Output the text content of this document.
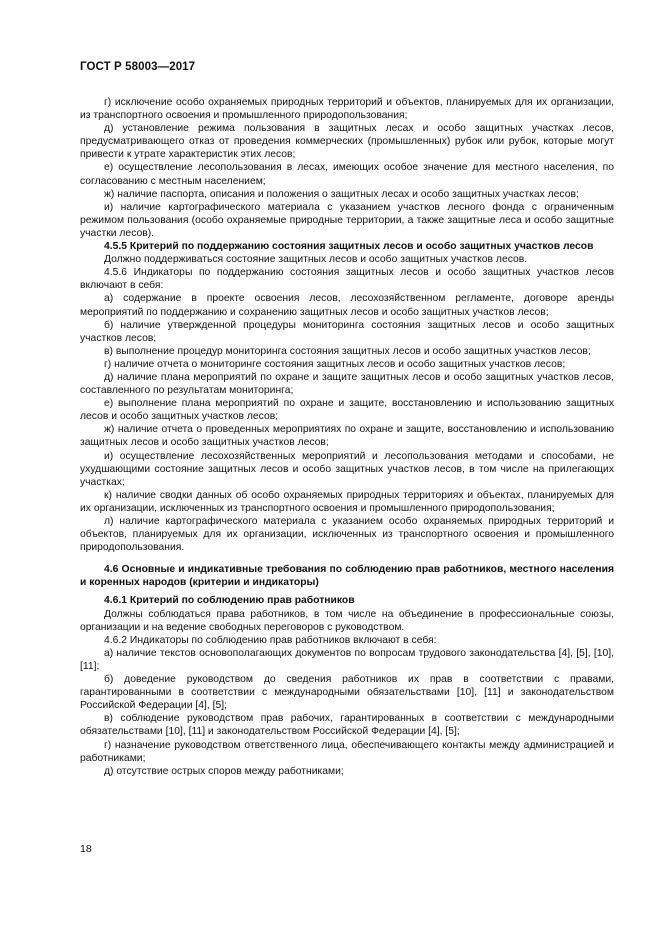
ГОСТ Р 58003—2017

г) исключение особо охраняемых природных территорий и объектов, планируемых для их организации, из транспортного освоения и промышленного природопользования;

д) установление режима пользования в защитных лесах и особо защитных участках лесов, предусматривающего отказ от проведения коммерческих (промышленных) рубок или рубок, которые могут привести к утрате характеристик этих лесов;

е) осуществление лесопользования в лесах, имеющих особое значение для местного населения, по согласованию с местным населением;

ж) наличие паспорта, описания и положения о защитных лесах и особо защитных участках лесов;

и) наличие картографического материала с указанием участков лесного фонда с ограниченным режимом пользования (особо охраняемые природные территории, а также защитные леса и особо защитные участки лесов).

4.5.5 Критерий по поддержанию состояния защитных лесов и особо защитных участков лесов

Должно поддерживаться состояние защитных лесов и особо защитных участков лесов.

4.5.6 Индикаторы по поддержанию состояния защитных лесов и особо защитных участков лесов включают в себя:

а) содержание в проекте освоения лесов, лесохозяйственном регламенте, договоре аренды мероприятий по поддержанию и сохранению защитных лесов и особо защитных участков лесов;

б) наличие утвержденной процедуры мониторинга состояния защитных лесов и особо защитных участков лесов;

в) выполнение процедур мониторинга состояния защитных лесов и особо защитных участков лесов;

г) наличие отчета о мониторинге состояния защитных лесов и особо защитных участков лесов;

д) наличие плана мероприятий по охране и защите защитных лесов и особо защитных участков лесов, составленного по результатам мониторинга;

е) выполнение плана мероприятий по охране и защите, восстановлению и использованию защитных лесов и особо защитных участков лесов;

ж) наличие отчета о проведенных мероприятиях по охране и защите, восстановлению и использованию защитных лесов и особо защитных участков лесов;

и) осуществление лесохозяйственных мероприятий и лесопользования методами и способами, не ухудшающими состояние защитных лесов и особо защитных участков лесов, в том числе на прилегающих участках;

к) наличие сводки данных об особо охраняемых природных территориях и объектах, планируемых для их организации, исключенных из транспортного освоения и промышленного природопользования;

л) наличие картографического материала с указанием особо охраняемых природных территорий и объектов, планируемых для их организации, исключенных из транспортного освоения и промышленного природопользования.

4.6 Основные и индикативные требования по соблюдению прав работников, местного населения и коренных народов (критерии и индикаторы)

4.6.1 Критерий по соблюдению прав работников

Должны соблюдаться права работников, в том числе на объединение в профессиональные союзы, организации и на ведение свободных переговоров с руководством.

4.6.2 Индикаторы по соблюдению прав работников включают в себя:

а) наличие текстов основополагающих документов по вопросам трудового законодательства [4], [5], [10], [11];

б) доведение руководством до сведения работников их прав в соответствии с правами, гарантированными в соответствии с международными обязательствами [10], [11] и законодательством Российской Федерации [4], [5];

в) соблюдение руководством прав рабочих, гарантированных в соответствии с международными обязательствами [10], [11] и законодательством Российской Федерации [4], [5];

г) назначение руководством ответственного лица, обеспечивающего контакты между администрацией и работниками;

д) отсутствие острых споров между работниками;

18
